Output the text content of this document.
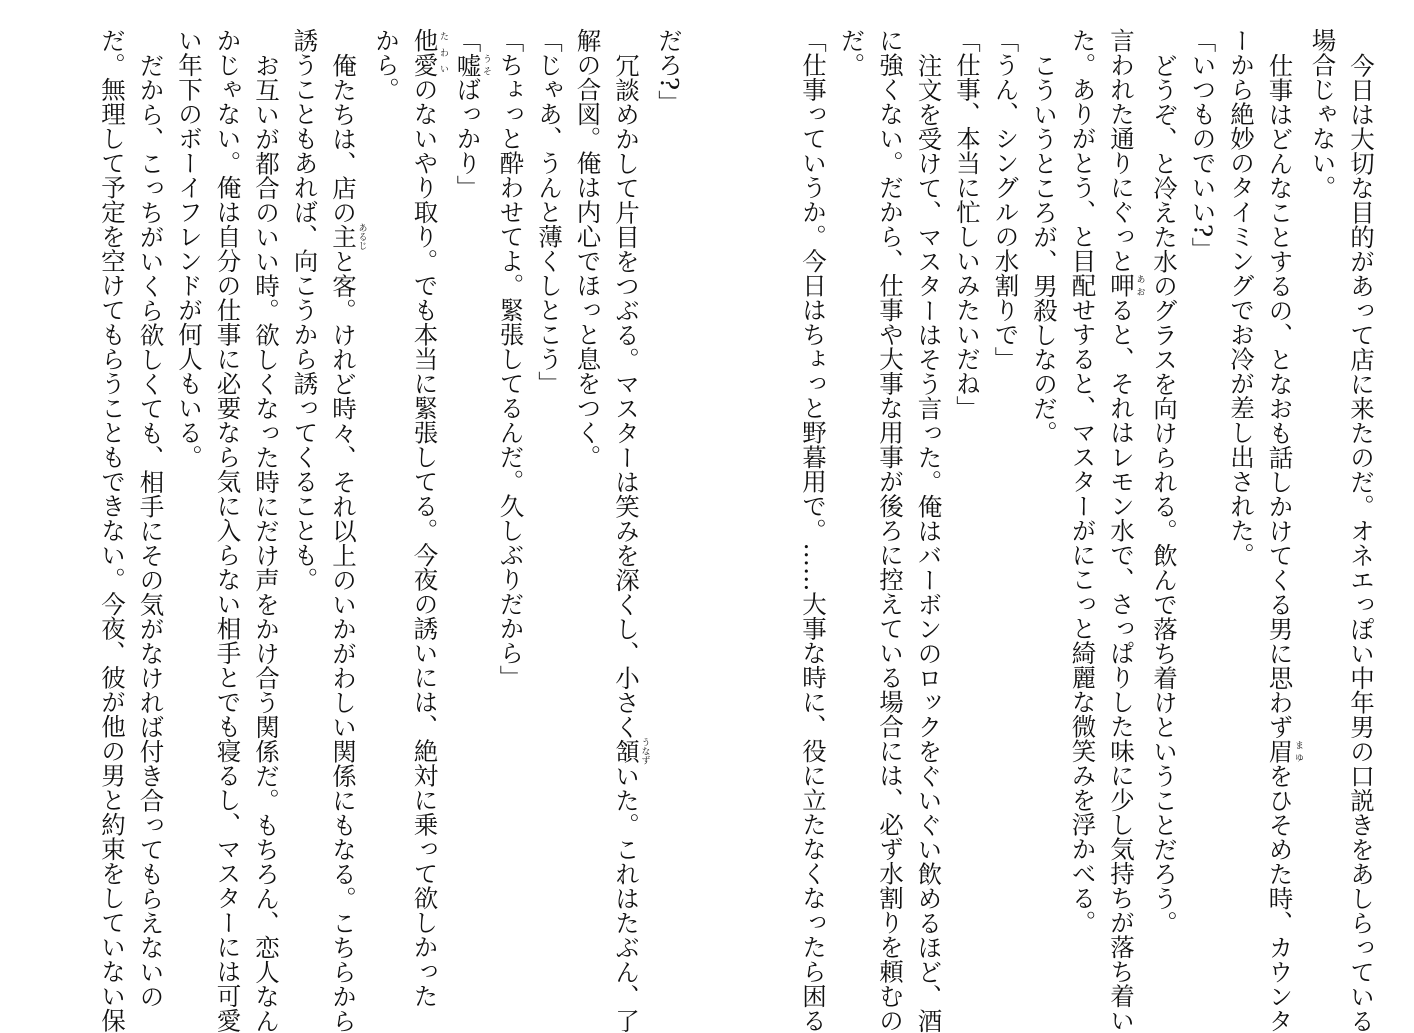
今日は大切な目的があって店に来たのだ。オネエっぽい中年男の口説きをあしらっている

場合じゃない。

仕事はどんなことするの、となおも話しかけてくる男に思わず眉まゆをひそめた時、カウンタ

ーから絶妙のタイミングでお冷が差し出された。

「いつものでいい?」

どうぞ、と冷えた水のグラスを向けられる。飲んで落ち着けということだろう。

言われた通りにぐっと呷あおると、それはレモン水で、さっぱりした味に少し気持ちが落ち着い

た。ありがとう、と目配せすると、マスターがにこっと綺麗な微笑みを浮かべる。

こういうところが、男殺しなのだ。

「うん、シングルの水割りで」

「仕事、本当に忙しいみたいだね」

注文を受けて、マスターはそう言った。俺はバーボンのロックをぐいぐい飲めるほど、酒

に強くない。だから、仕事や大事な用事が後ろに控えている場合には、必ず水割りを頼むの

だ。

「仕事っていうか。今日はちょっと野暮用で。……大事な時に、役に立たなくなったら困る

だろ?」

冗談めかして片目をつぶる。マスターは笑みを深くし、小さく頷うなずいた。これはたぶん、了

解の合図。俺は内心でほっと息をつく。

「じゃあ、うんと薄くしとこう」

「ちょっと酔わせてよ。緊張してるんだ。久しぶりだから」

「嘘うそばっかり」

他愛たわいのないやり取り。でも本当に緊張してる。今夜の誘いには、絶対に乗って欲しかった

から。

俺たちは、店の主あるじと客。けれど時々、それ以上のいかがわしい関係にもなる。こちらから

誘うこともあれば、向こうから誘ってくることも。

お互いが都合のいい時。欲しくなった時にだけ声をかけ合う関係だ。もちろん、恋人なん

かじゃない。俺は自分の仕事に必要なら気に入らない相手とでも寝るし、マスターには可愛

い年下のボーイフレンドが何人もいる。

だから、こっちがいくら欲しくても、相手にその気がなければ付き合ってもらえないの

だ。無理して予定を空けてもらうこともできない。今夜、彼が他の男と約束をしていない保
